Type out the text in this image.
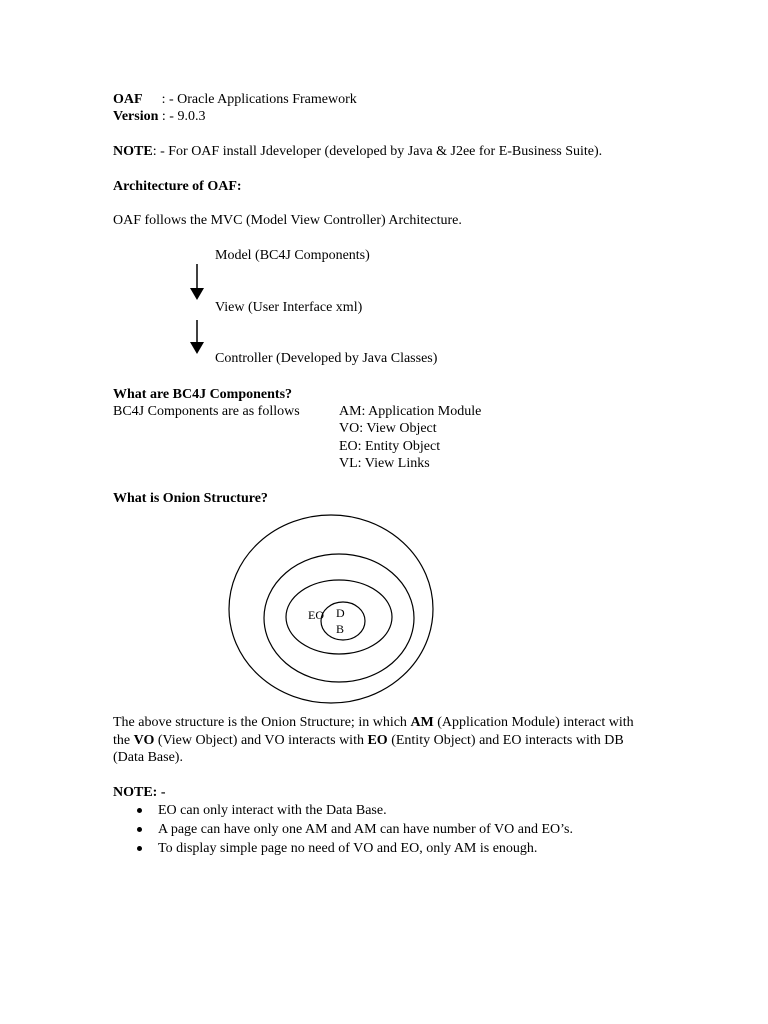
OAF : - Oracle Applications Framework
Version : - 9.0.3
NOTE: - For OAF install Jdeveloper (developed by Java & J2ee for E-Business Suite).
Architecture of OAF:
OAF follows the MVC (Model View Controller) Architecture.
Model (BC4J Components)
View (User Interface xml)
Controller (Developed by Java Classes)
What are BC4J Components?
BC4J Components are as follows	AM: Application Module
VO: View Object
EO: Entity Object
VL: View Links
What is Onion Structure?
EO D
B
The above structure is the Onion Structure; in which AM (Application Module) interact with the VO (View Object) and VO interacts with EO (Entity Object) and EO interacts with DB (Data Base).
NOTE: -
EO can only interact with the Data Base.
A page can have only one AM and AM can have number of VO and EO’s.
To display simple page no need of VO and EO, only AM is enough.
